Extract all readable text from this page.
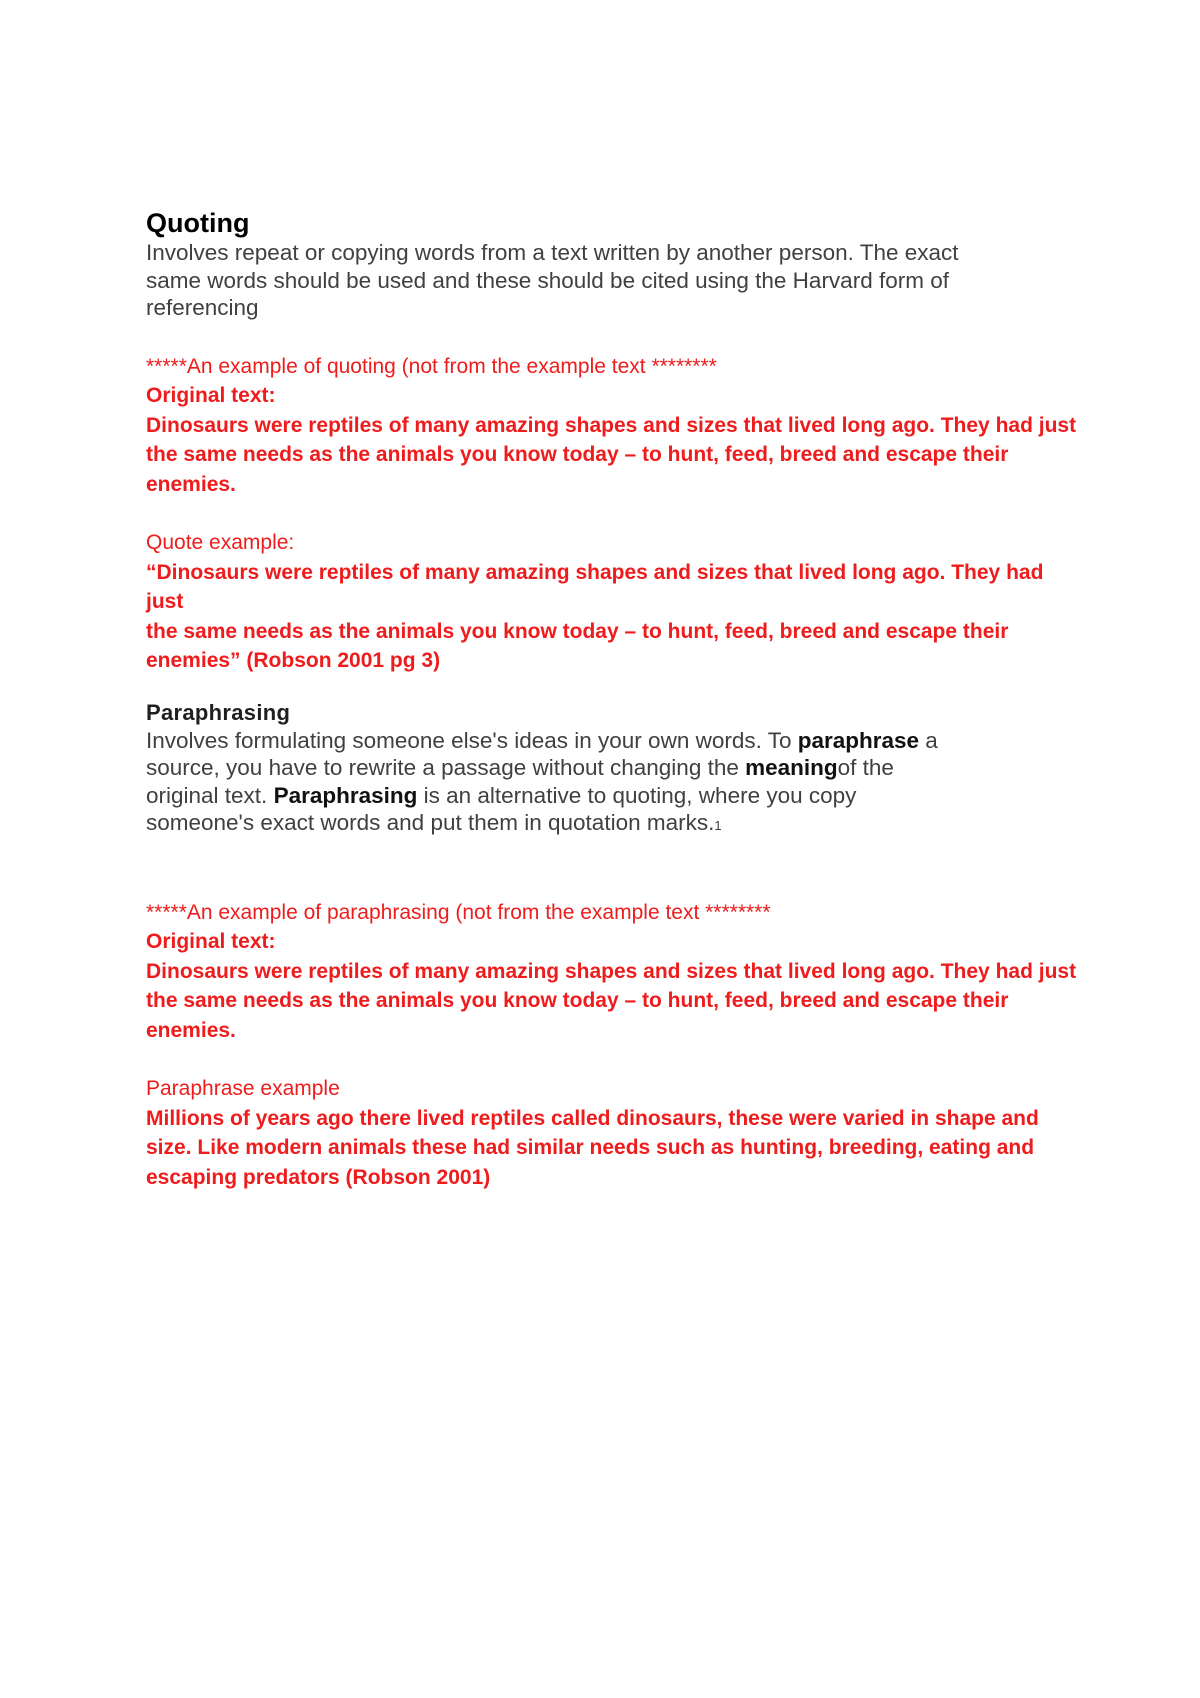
Quoting

Involves repeat or copying words from a text written by another person. The exact
same words should be used and these should be cited using the Harvard form of
referencing

*****An example of quoting (not from the example text ********

Original text:

Dinosaurs were reptiles of many amazing shapes and sizes that lived long ago. They had just
the same needs as the animals you know today – to hunt, feed, breed and escape their
enemies.

Quote example:

“Dinosaurs were reptiles of many amazing shapes and sizes that lived long ago. They had just
the same needs as the animals you know today – to hunt, feed, breed and escape their
enemies” (Robson 2001 pg 3)

Paraphrasing

Involves formulating someone else's ideas in your own words. To paraphrase a
source, you have to rewrite a passage without changing the meaningof the
original text. Paraphrasing is an alternative to quoting, where you copy
someone's exact words and put them in quotation marks.1

*****An example of paraphrasing (not from the example text ********

Original text:

Dinosaurs were reptiles of many amazing shapes and sizes that lived long ago. They had just
the same needs as the animals you know today – to hunt, feed, breed and escape their
enemies.

Paraphrase example

Millions of years ago there lived reptiles called dinosaurs, these were varied in shape and
size. Like modern animals these had similar needs such as hunting, breeding, eating and
escaping predators (Robson 2001)
